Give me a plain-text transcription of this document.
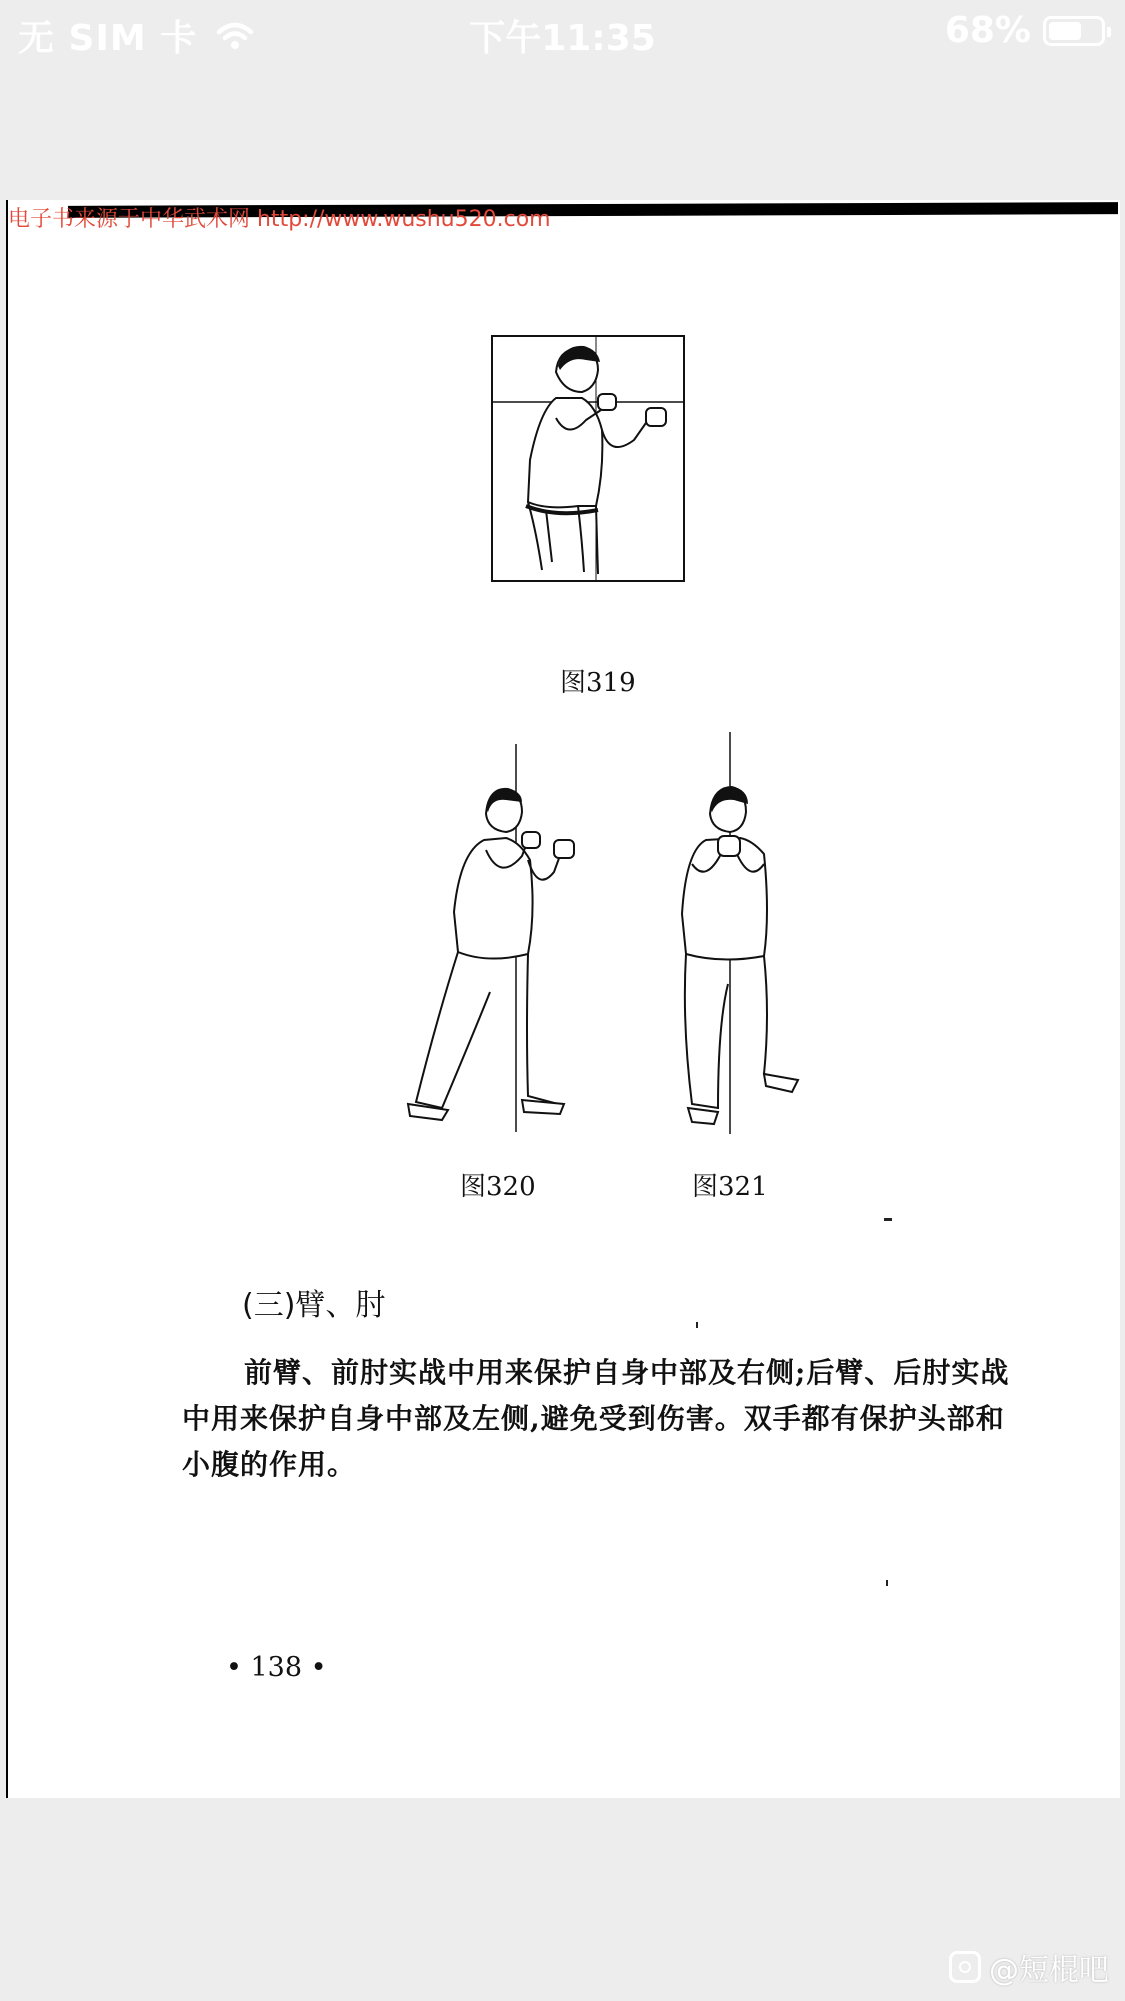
无 SIM 卡	下午11:35	68%
电子书来源于中华武术网 http://www.wushu520.com
图319
图320	图321
(三)臂、肘
前臂、前肘实战中用来保护自身中部及右侧;后臂、后肘实战中用来保护自身中部及左侧,避免受到伤害。双手都有保护头部和小腹的作用。
• 138 •
@短棍吧
